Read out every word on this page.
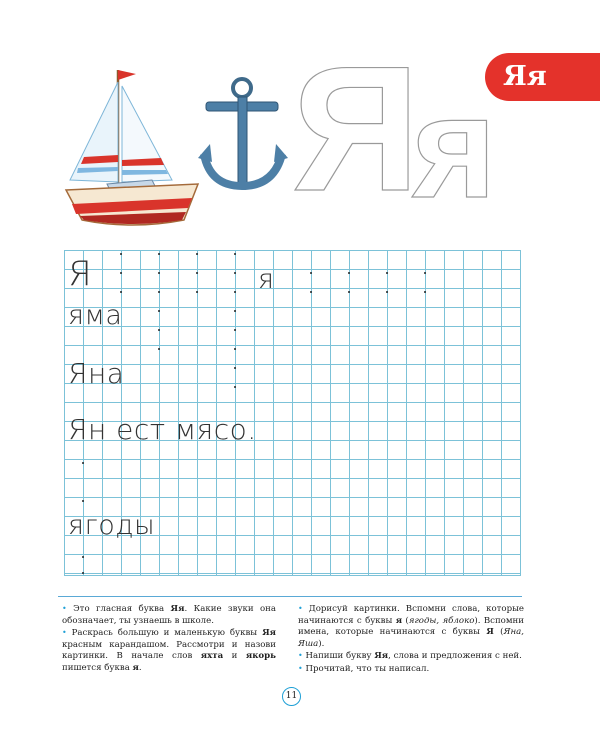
Яя
Я
я
Я	я
яма
Яна
Ян ест мясо.
ягоды

• Это гласная буква Яя. Какие звуки она обозначает, ты узнаешь в школе.

• Раскрась большую и маленькую буквы Яя красным карандашом. Рассмотри и назови картинки. В начале слов яхта и якорь пишется буква я.

• Дорисуй картинки. Вспомни слова, которые начинаются с буквы я (ягоды, яблоко). Вспомни имена, которые начинаются с буквы Я (Яна, Яша).

• Напиши букву Яя, слова и предложения с ней.

• Прочитай, что ты написал.

11
